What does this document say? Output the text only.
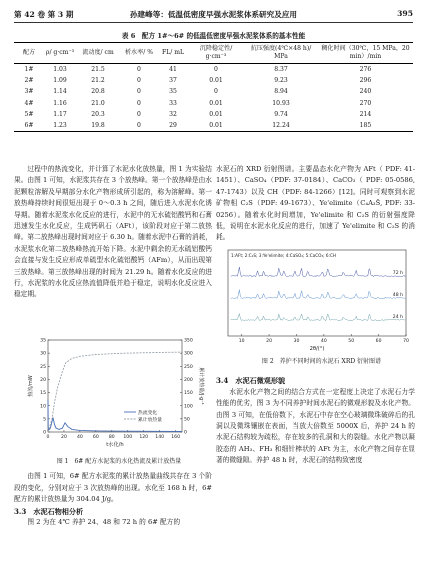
第 42 卷 第 3 期	孙建峰等：低温低密度早强水泥浆体系研究及应用	395
表 6　配方 1#～6# 的低温低密度早强水泥浆体系的基本性能
配方	ρ/ g·cm⁻³	流动度/ cm	析水率/ %	FL/ mL	沉降稳定性/ g·cm⁻³	抗压强度(4℃×48 h)/ MPa	稠化时间（30℃，15 MPa，20 min）/min
1#	1.03	21.5	0	41	0	8.37	276
2#	1.09	21.2	0	37	0.01	9.23	296
3#	1.14	20.8	0	35	0	8.94	240
4#	1.16	21.0	0	33	0.01	10.93	270
5#	1.17	20.3	0	32	0.01	9.74	214
6#	1.23	19.8	0	29	0.01	12.24	185

过程中的热流变化，并计算了水泥水化放热量，图 1 为实验结果。由图 1 可知，水泥浆共存在 3 个放热峰。第一个放热峰是由水泥颗粒溶解及早期部分水化产物形成所引起的，称为溶解峰。第一放热峰持续时间很短出现于 0～0.3 h 之间，随后进入水泥水化诱导期。随着水泥浆水化反应的进行，水泥中的无水硫铝酸钙和石膏迅速发生水化反应，生成钙矾石（AFt），该阶段对应于第二放热峰。第二放热峰出现时间对应于 6.30 h。随着水泥中石膏的消耗，水泥浆水化第二放热峰热流开始下降。水泥中剩余的无水硫铝酸钙会直接与发生反应形成单硫型水化硫铝酸钙（AFm），从而出现第三放热峰。第三放热峰出现的时间为 21.29 h。随着水化反应的进行，水泥浆的水化反应热流值降低并趋于稳定，说明水化反应进入稳定期。

0
5
10
15
20
25
30
35
0
50
100
150
200
250
300
350
0	20 40 60 80 100 120 140 160
热流/mW	累计放热量/J·g⁻¹
t水化/h
热流变化
累计放热量

图 1　6# 配方水泥浆的水化热流及累计放热量

由图 1 可知，6# 配方水泥浆的累计放热量曲线共存在 3 个阶段的变化，分别对应于 3 次放热峰的出现。水化至 168 h 时，6# 配方的累计放热量为 304.04 J/g。

3.3　水泥石物相分析

图 2 为在 4℃ 养护 24、48 和 72 h 的 6# 配方的

水泥石的 XRD 衍射图谱。主要晶态水化产物为 AFt（ PDF: 41-1451）、CaSO₄（PDF: 37-0184）、CaCO₃（ PDF: 05-0586, 47-1743）以及 CH（PDF: 84-1266）[12]。同时可观察到水泥矿物相 C₂S（PDF: 49-1673）、Ye'elimite（C₄A₃S̄, PDF: 33-0256）。随着水化时间增加，Ye'elimite 和 C₂S 的衍射强度降低，说明在水泥水化反应的进行，加速了 Ye'elimite 和 C₂S 的消耗。

1:AFt; 2:C₂S; 3:Ye'elimite; 4:CaSO₄; 5:CaCO₃; 6:CH
10	20	30	40	50	60	70
2θ/(°)
72 h
48 h
24 h

图 2　养护不同时间的水泥石 XRD 衍射图谱

3.4　水泥石微观形貌

水泥水化产物之间的结合方式在一定程度上决定了水泥石力学性能的优劣，图 3 为不同养护时间水泥石的微观形貌及水化产物。由图 3 可知，在低倍数下，水泥石中存在空心玻璃微珠破碎后的孔洞以及微珠镶嵌在表面，当放大倍数至 5000X 后，养护 24 h 的水泥石结构较为疏松，存在较多的孔洞和大的裂缝。水化产物以凝胶态的 AH₃、FH₃ 和细针棒状的 AFt 为主，水化产物之间存在显著的微缝隙。养护 48 h 时，水泥石的结构致密度
